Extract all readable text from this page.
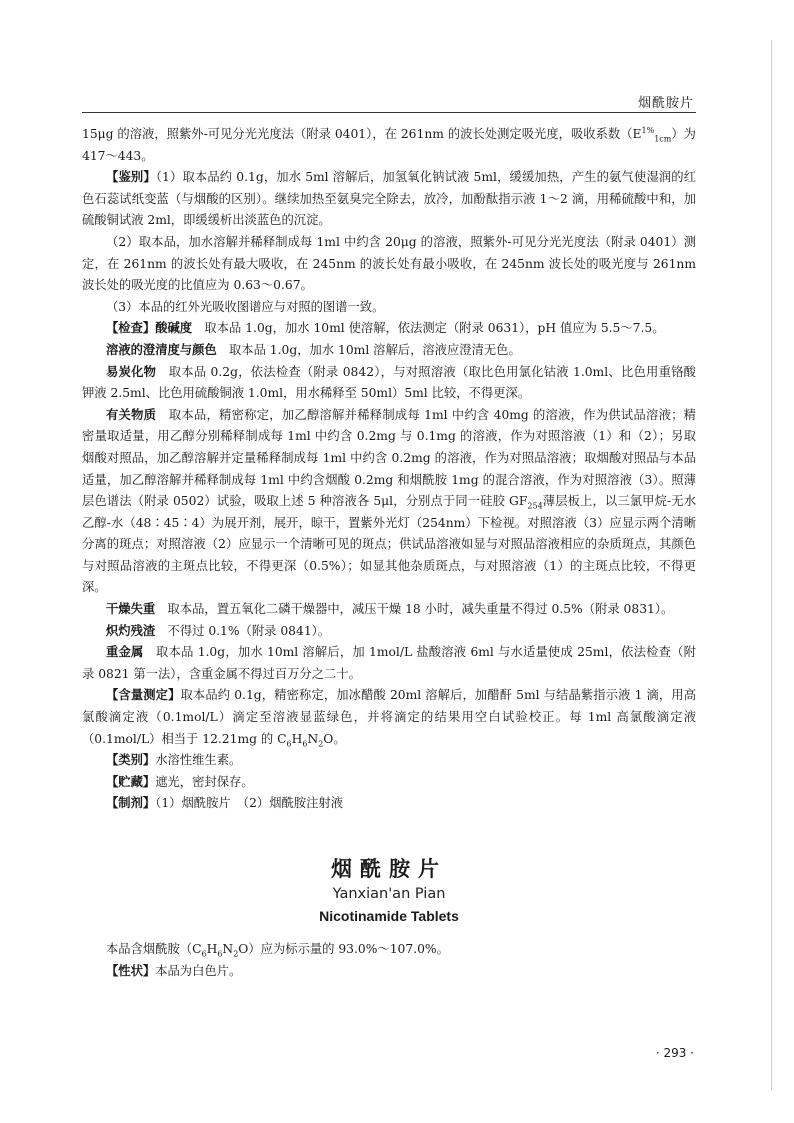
烟酰胺片

15μg 的溶液，照紫外-可见分光光度法（附录 0401），在 261nm 的波长处测定吸光度，吸收系数$(E^{1\%}_{1cm})$为 417～443。

【鉴别】（1）取本品约 0.1g，加水 5ml 溶解后，加氢氧化钠试液 5ml，缓缓加热，产生的氨气使湿润的红色石蕊试纸变蓝（与烟酸的区别）。继续加热至氨臭完全除去，放冷，加酚酞指示液 1～2 滴，用稀硫酸中和，加硫酸铜试液 2ml，即缓缓析出淡蓝色的沉淀。

（2）取本品，加水溶解并稀释制成每 1ml 中约含 20μg 的溶液，照紫外-可见分光光度法（附录 0401）测定，在 261nm 的波长处有最大吸收，在 245nm 的波长处有最小吸收，在 245nm 波长处的吸光度与 261nm 波长处的吸光度的比值应为 0.63～0.67。

（3）本品的红外光吸收图谱应与对照的图谱一致。

【检查】酸碱度　 取本品 1.0g，加水 10ml 使溶解，依法测定（附录 0631），pH 值应为 5.5～7.5。

溶液的澄清度与颜色　 取本品 1.0g，加水 10ml 溶解后，溶液应澄清无色。

易炭化物　 取本品 0.2g，依法检查（附录 0842），与对照溶液（取比色用氯化钴液 1.0ml、比色用重铬酸钾液 2.5ml、比色用硫酸铜液 1.0ml，用水稀释至 50ml）5ml 比较，不得更深。

有关物质　 取本品，精密称定，加乙醇溶解并稀释制成每 1ml 中约含 40mg 的溶液，作为供试品溶液；精密量取适量，用乙醇分别稀释制成每 1ml 中约含 0.2mg 与 0.1mg 的溶液，作为对照溶液（1）和（2）；另取烟酸对照品，加乙醇溶解并定量稀释制成每 1ml 中约含 0.2mg 的溶液，作为对照品溶液；取烟酸对照品与本品适量，加乙醇溶解并稀释制成每 1ml 中约含烟酸 0.2mg 和烟酰胺 1mg 的混合溶液，作为对照溶液（3）。照薄层色谱法（附录 0502）试验，吸取上述 5 种溶液各 5μl，分别点于同一硅胶 $GF_{254}$薄层板上，以三氯甲烷-无水乙醇-水（48∶45∶4）为展开剂，展开，晾干，置紫外光灯（254nm）下检视。对照溶液（3）应显示两个清晰分离的斑点；对照溶液（2）应显示一个清晰可见的斑点；供试品溶液如显与对照品溶液相应的杂质斑点，其颜色与对照品溶液的主斑点比较，不得更深（0.5%）；如显其他杂质斑点，与对照溶液（1）的主斑点比较，不得更深。

干燥失重　 取本品，置五氧化二磷干燥器中，减压干燥 18 小时，减失重量不得过 0.5%（附录 0831）。

炽灼残渣　 不得过 0.1%（附录 0841）。

重金属　 取本品 1.0g，加水 10ml 溶解后，加 1mol/L 盐酸溶液 6ml 与水适量使成 25ml，依法检查（附录 0821 第一法），含重金属不得过百万分之二十。

【含量测定】取本品约 0.1g，精密称定，加冰醋酸 20ml 溶解后，加醋酐 5ml 与结晶紫指示液 1 滴，用高氯酸滴定液（0.1mol/L）滴定至溶液显蓝绿色，并将滴定的结果用空白试验校正。每 1ml 高氯酸滴定液（0.1mol/L）相当于 12.21mg 的 $C_6H_6N_2O$。

【类别】水溶性维生素。

【贮藏】遮光，密封保存。

【制剂】（1）烟酰胺片　（2）烟酰胺注射液

烟酰胺片
Yanxian'an Pian
Nicotinamide Tablets

本品含烟酰胺$(C_6H_6N_2O)$应为标示量的 93.0%～107.0%。

【性状】本品为白色片。

· 293 ·
